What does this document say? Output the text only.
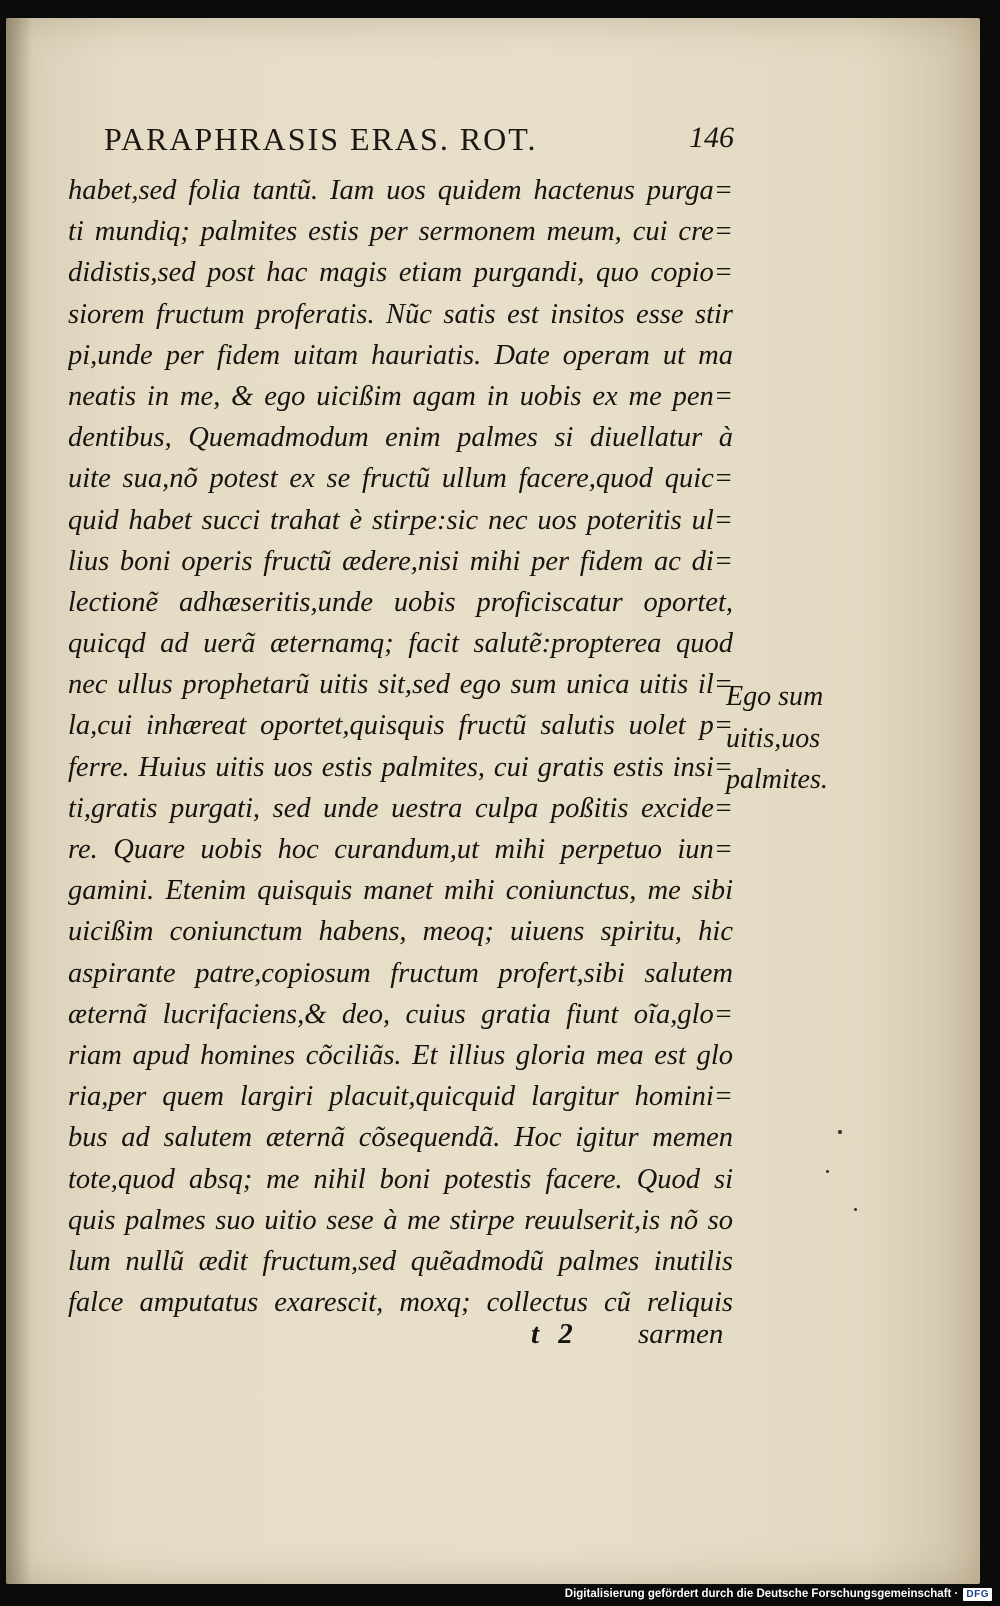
PARAPHRASIS ERAS. ROT.	146
habet,sed folia tantũ. Iam uos quidem hactenus purga=
ti mundiq; palmites estis per sermonem meum, cui cre=
didistis,sed post hac magis etiam purgandi, quo copio=
siorem fructum proferatis. Nũc satis est insitos esse stir
pi,unde per fidem uitam hauriatis. Date operam ut ma
neatis in me, & ego uicißim agam in uobis ex me pen=
dentibus, Quemadmodum enim palmes si diuellatur à
uite sua,nõ potest ex se fructũ ullum facere,quod quic=
quid habet succi trahat è stirpe:sic nec uos poteritis ul=
lius boni operis fructũ ædere,nisi mihi per fidem ac di=
lectionẽ adhæseritis,unde uobis proficiscatur oportet,
quicqd ad uerã æternamq; facit salutẽ:propterea quod
nec ullus prophetarũ uitis sit,sed ego sum unica uitis il=
la,cui inhæreat oportet,quisquis fructũ salutis uolet p=
ferre. Huius uitis uos estis palmites, cui gratis estis insi=
ti,gratis purgati, sed unde uestra culpa poßitis excide=
re. Quare uobis hoc curandum,ut mihi perpetuo iun=
gamini. Etenim quisquis manet mihi coniunctus, me sibi
uicißim coniunctum habens, meoq; uiuens spiritu, hic
aspirante patre,copiosum fructum profert,sibi salutem
æternã lucrifaciens,& deo, cuius gratia fiunt oĩa,glo=
riam apud homines cõciliãs. Et illius gloria mea est glo
ria,per quem largiri placuit,quicquid largitur homini=
bus ad salutem æternã cõsequendã. Hoc igitur memen
tote,quod absq; me nihil boni potestis facere. Quod si
quis palmes suo uitio sese à me stirpe reuulserit,is nõ so
lum nullũ ædit fructum,sed quẽadmodũ palmes inutilis
falce amputatus exarescit, moxq; collectus cũ reliquis
Ego sum
uitis,uos
palmites.
t 2 sarmen
Digitalisierung gefördert durch die Deutsche Forschungsgemeinschaft · DFG
